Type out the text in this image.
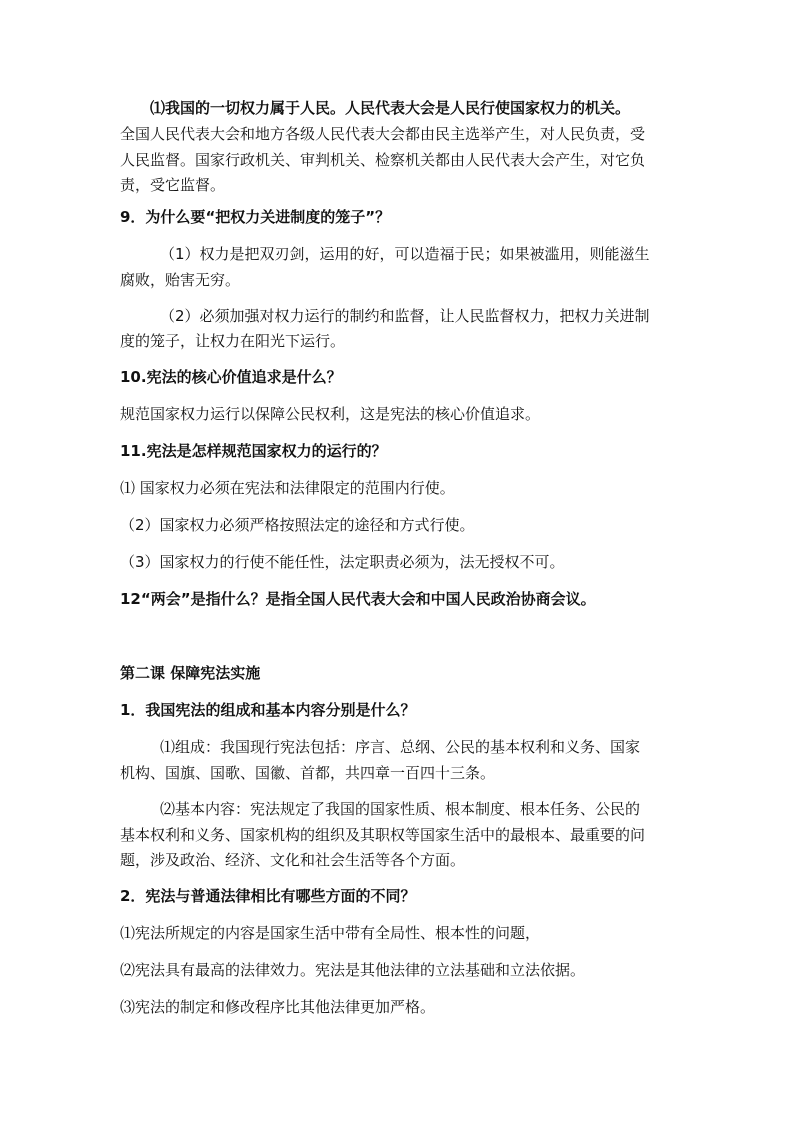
⑴我国的一切权力属于人民。人民代表大会是人民行使国家权力的机关。
全国人民代表大会和地方各级人民代表大会都由民主选举产生，对人民负责，受
人民监督。国家行政机关、审判机关、检察机关都由人民代表大会产生，对它负
责，受它监督。
9．为什么要“把权力关进制度的笼子”？
（1）权力是把双刃剑，运用的好，可以造福于民；如果被滥用，则能滋生
腐败，贻害无穷。
（2）必须加强对权力运行的制约和监督，让人民监督权力，把权力关进制
度的笼子，让权力在阳光下运行。
10.宪法的核心价值追求是什么？
规范国家权力运行以保障公民权利，这是宪法的核心价值追求。
11.宪法是怎样规范国家权力的运行的？
⑴ 国家权力必须在宪法和法律限定的范围内行使。
（2）国家权力必须严格按照法定的途径和方式行使。
（3）国家权力的行使不能任性，法定职责必须为，法无授权不可。
12“两会”是指什么？是指全国人民代表大会和中国人民政治协商会议。
第二课 保障宪法实施
1．我国宪法的组成和基本内容分别是什么？
⑴组成：我国现行宪法包括：序言、总纲、公民的基本权利和义务、国家
机构、国旗、国歌、国徽、首都，共四章一百四十三条。
⑵基本内容：宪法规定了我国的国家性质、根本制度、根本任务、公民的
基本权利和义务、国家机构的组织及其职权等国家生活中的最根本、最重要的问
题，涉及政治、经济、文化和社会生活等各个方面。
2．宪法与普通法律相比有哪些方面的不同？
⑴宪法所规定的内容是国家生活中带有全局性、根本性的问题，
⑵宪法具有最高的法律效力。宪法是其他法律的立法基础和立法依据。
⑶宪法的制定和修改程序比其他法律更加严格。
